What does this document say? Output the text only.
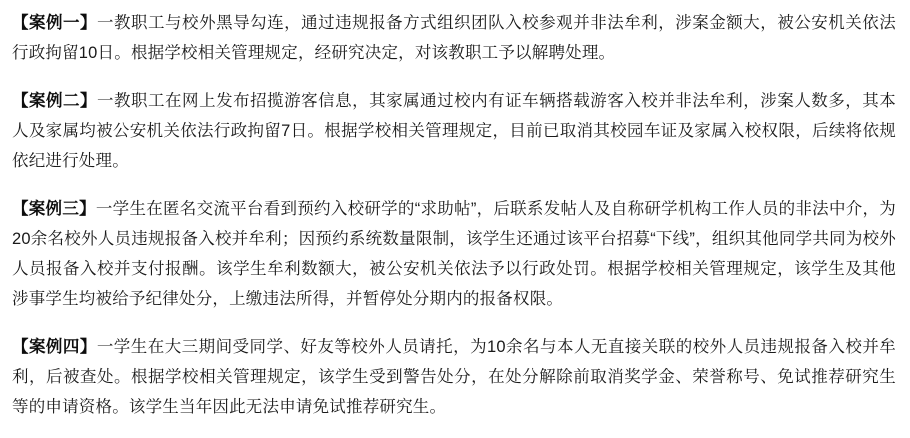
【案例一】一教职工与校外黑导勾连，通过违规报备方式组织团队入校参观并非法牟利，涉案金额大，被公安机关依法行政拘留10日。根据学校相关管理规定，经研究决定，对该教职工予以解聘处理。

【案例二】一教职工在网上发布招揽游客信息，其家属通过校内有证车辆搭载游客入校并非法牟利，涉案人数多，其本人及家属均被公安机关依法行政拘留7日。根据学校相关管理规定，目前已取消其校园车证及家属入校权限，后续将依规依纪进行处理。

【案例三】一学生在匿名交流平台看到预约入校研学的“求助帖”，后联系发帖人及自称研学机构工作人员的非法中介，为20余名校外人员违规报备入校并牟利；因预约系统数量限制，该学生还通过该平台招募“下线”，组织其他同学共同为校外人员报备入校并支付报酬。该学生牟利数额大，被公安机关依法予以行政处罚。根据学校相关管理规定，该学生及其他涉事学生均被给予纪律处分，上缴违法所得，并暂停处分期内的报备权限。

【案例四】一学生在大三期间受同学、好友等校外人员请托，为10余名与本人无直接关联的校外人员违规报备入校并牟利，后被查处。根据学校相关管理规定，该学生受到警告处分，在处分解除前取消奖学金、荣誉称号、免试推荐研究生等的申请资格。该学生当年因此无法申请免试推荐研究生。
